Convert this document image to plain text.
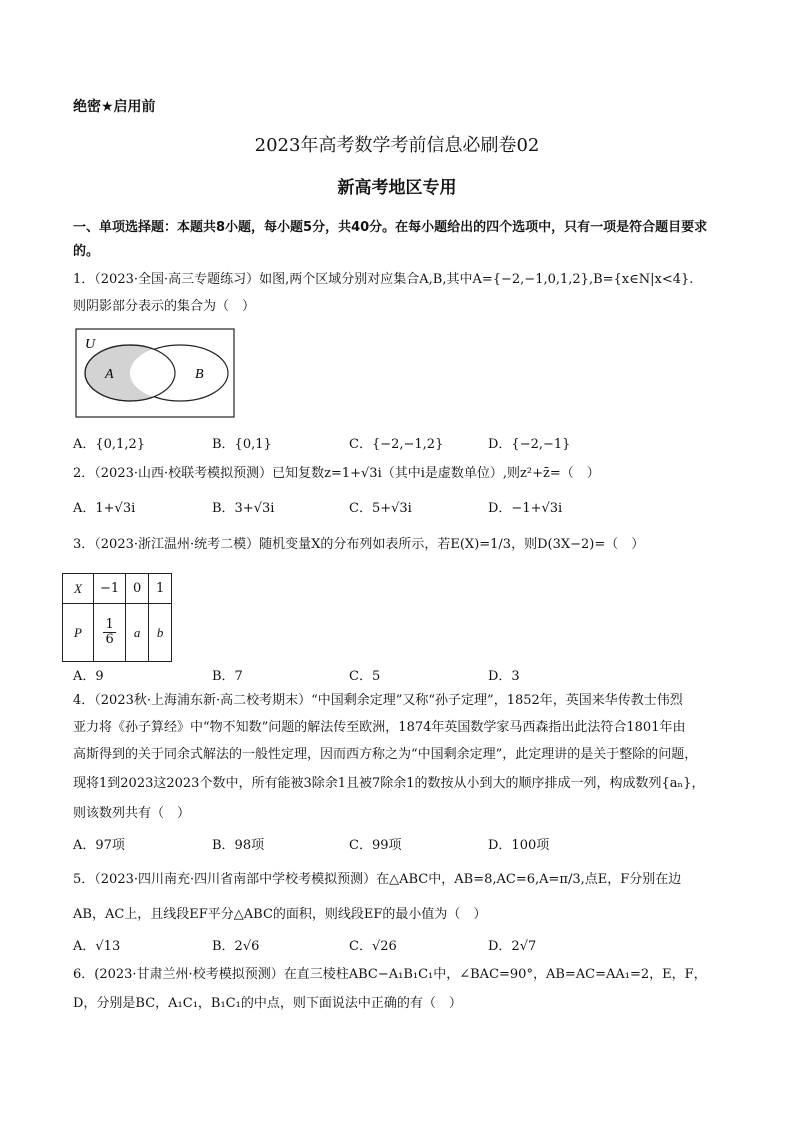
绝密★启用前
2023年高考数学考前信息必刷卷02
新高考地区专用
一、单项选择题：本题共8小题，每小题5分，共40分。在每小题给出的四个选项中，只有一项是符合题目要求的。
1．（2023·全国·高三专题练习）如图,两个区域分别对应集合A,B,其中A={−2,−1,0,1,2},B={x∈N|x<4}.
则阴影部分表示的集合为（　）
U
A	B
A．{0,1,2}	B．{0,1}	C．{−2,−1,2}	D．{−2,−1}
2．（2023·山西·校联考模拟预测）已知复数z=1+√3i（其中i是虚数单位）,则z²+z̄=（　）
A．1+√3i	B．3+√3i	C．5+√3i	D．−1+√3i
3．（2023·浙江温州·统考二模）随机变量X的分布列如表所示，若E(X)=1/3，则D(3X−2)=（　）
X	−1	0	1
P	$\frac{1}{6}$	a	b
A．9	B．7	C．5	D．3
4．（2023秋·上海浦东新·高二校考期末）“中国剩余定理”又称“孙子定理”，1852年，英国来华传教士伟烈
亚力将《孙子算经》中“物不知数”问题的解法传至欧洲，1874年英国数学家马西森指出此法符合1801年由
高斯得到的关于同余式解法的一般性定理，因而西方称之为“中国剩余定理”，此定理讲的是关于整除的问题，
现将1到2023这2023个数中，所有能被3除余1且被7除余1的数按从小到大的顺序排成一列，构成数列{aₙ}，
则该数列共有（　）
A．97项	B．98项	C．99项	D．100项
5．（2023·四川南充·四川省南部中学校考模拟预测）在△ABC中，AB=8,AC=6,A=π/3,点E，F分别在边
AB，AC上，且线段EF平分△ABC的面积，则线段EF的最小值为（　）
A．√13	B．2√6	C．√26	D．2√7
6．(2023·甘肃兰州·校考模拟预测）在直三棱柱ABC−A₁B₁C₁中，∠BAC=90°，AB=AC=AA₁=2，E，F，
D，分别是BC，A₁C₁，B₁C₁的中点，则下面说法中正确的有（　）
